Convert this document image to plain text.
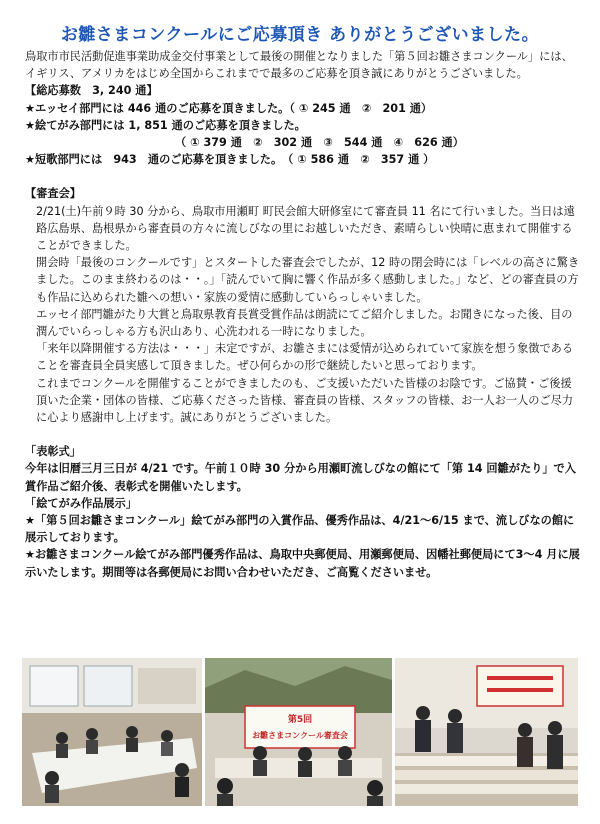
お雛さまコンクールにご応募頂き ありがとうございました。

鳥取市市民活動促進事業助成金交付事業として最後の開催となりました「第５回お雛さまコンクール」には、イギリス、アメリカをはじめ全国からこれまでで最多のご応募を頂き誠にありがとうございました。

【総応募数　3, 240 通】

★エッセイ部門には 446 通のご応募を頂きました。（ ① 245 通　②　201 通）

★絵てがみ部門には 1, 851 通のご応募を頂きました。

（ ① 379 通　②　302 通　③　544 通　④　626 通）

★短歌部門には　943　通のご応募を頂きました。　（ ① 586 通　②　357 通 ）

【審査会】

2/21(土)午前９時 30 分から、鳥取市用瀬町 町民会館大研修室にて審査員 11 名にて行いました。当日は遠路広島県、島根県から審査員の方々に流しびなの里にお越しいただき、素晴らしい快晴に恵まれて開催することができました。

開会時「最後のコンクールです」とスタートした審査会でしたが、12 時の閉会時には「レベルの高さに驚きました。このまま終わるのは・・。」「読んでいて胸に響く作品が多く感動しました。」など、どの審査員の方も作品に込められた雛への想い・家族の愛情に感動していらっしゃいました。

エッセイ部門雛がたり大賞と鳥取県教育長賞受賞作品は朗読にてご紹介しました。お聞きになった後、目の潤んでいらっしゃる方も沢山あり、心洗われる一時になりました。

「来年以降開催する方法は・・・」未定ですが、お雛さまには愛情が込められていて家族を想う象徴であることを審査員全員実感して頂きました。ぜひ何らかの形で継続したいと思っております。

これまでコンクールを開催することができましたのも、ご支援いただいた皆様のお陰です。ご協賛・ご後援頂いた企業・団体の皆様、ご応募くださった皆様、審査員の皆様、スタッフの皆様、お一人お一人のご尽力に心より感謝申し上げます。誠にありがとうございました。

「表彰式」

今年は旧暦三月三日が 4/21 です。午前１０時 30 分から用瀬町流しびなの館にて「第 14 回雛がたり」で入賞作品ご紹介後、表彰式を開催いたします。

「絵てがみ作品展示」

★「第５回お雛さまコンクール」絵てがみ部門の入賞作品、優秀作品は、4/21～6/15 まで、流しびなの館に展示しております。

★お雛さまコンクール絵てがみ部門優秀作品は、鳥取中央郵便局、用瀬郵便局、因幡社郵便局にて3～4 月に展示いたします。期間等は各郵便局にお問い合わせいただき、ご高覧くださいませ。

第5回
お雛さまコンクール審査会
